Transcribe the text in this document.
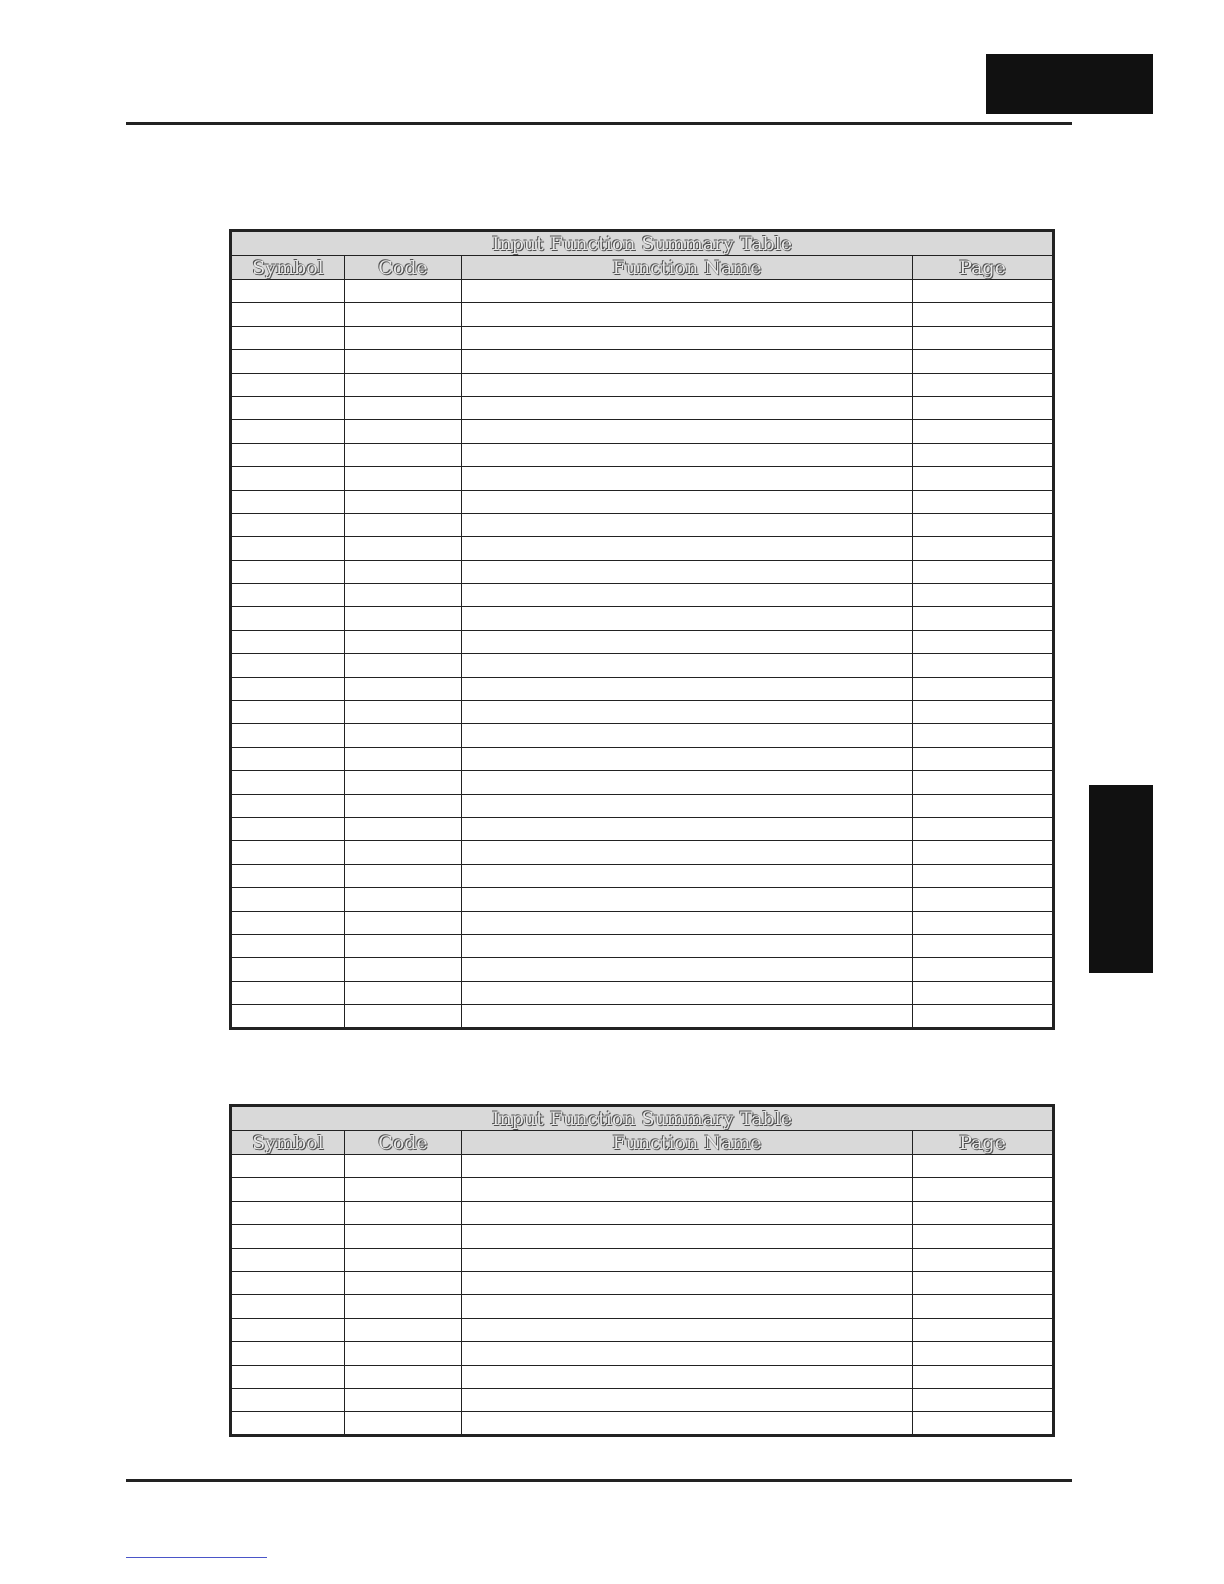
Input Function Summary Table			
Symbol	Code	Function Name	Page

Input Function Summary Table			
Symbol	Code	Function Name	Page
